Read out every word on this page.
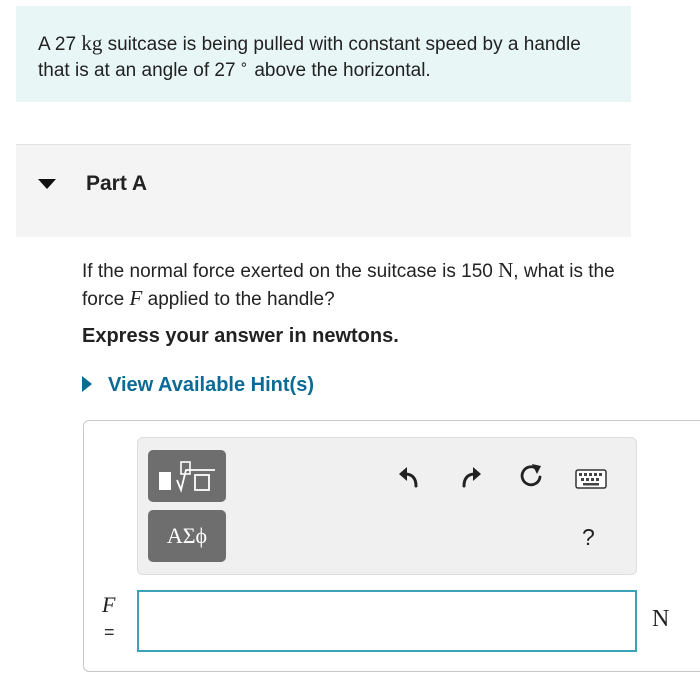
A 27 kg suitcase is being pulled with constant speed by a handle that is at an angle of 27 ∘ above the horizontal.
Part A
If the normal force exerted on the suitcase is 150 N, what is the force F applied to the handle?
Express your answer in newtons.
View Available Hint(s)
ΑΣϕ	?
F
=	N
